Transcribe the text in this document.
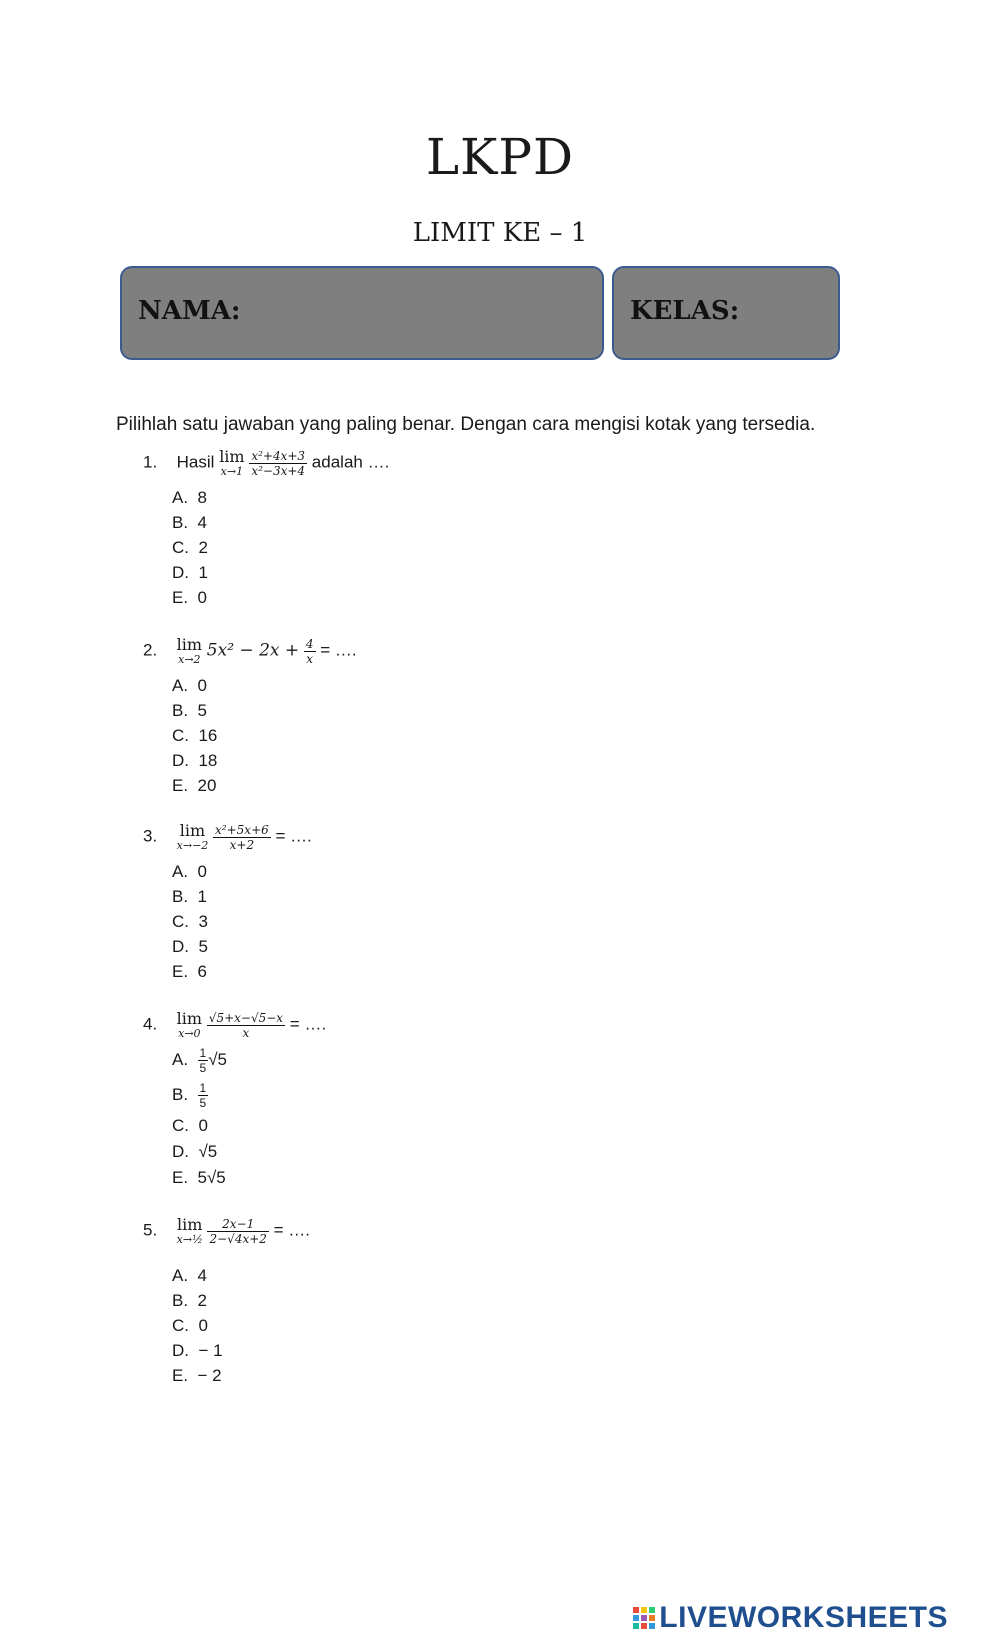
LKPD
LIMIT KE – 1
NAMA:	KELAS:
Pilihlah satu jawaban yang paling benar. Dengan cara mengisi kotak yang tersedia.
1. Hasil lim
x→1
$\frac{\text{x²+4x+3}}{\text{x²−3x+4}}$ adalah ….
A. 8
B. 4
C. 2
D. 1
E. 0
2. lim
x→2 $5x^2 - 2x + \frac{4}{x}$ = ….
A. 0
B. 5
C. 16
D. 18
E. 20
3. lim
x→−2
$\frac{\text{x²+5x+6}}{x+2}$ = ….
A. 0
B. 1
C. 3
D. 5
E. 6
4. lim
x→0
$\frac{√5+x-√5-x}{x}$ = ….
A. $\frac{1}{5} √5$
B. $\frac{1}{5}$
C. 0
D. √5
E. 5√5
5. lim
x→½
$\frac{2x-1}{2-√4x+2}$ = ….
A. 4
B. 2
C. 0
D. − 1
E. − 2
LIVEWORKSHEETS
